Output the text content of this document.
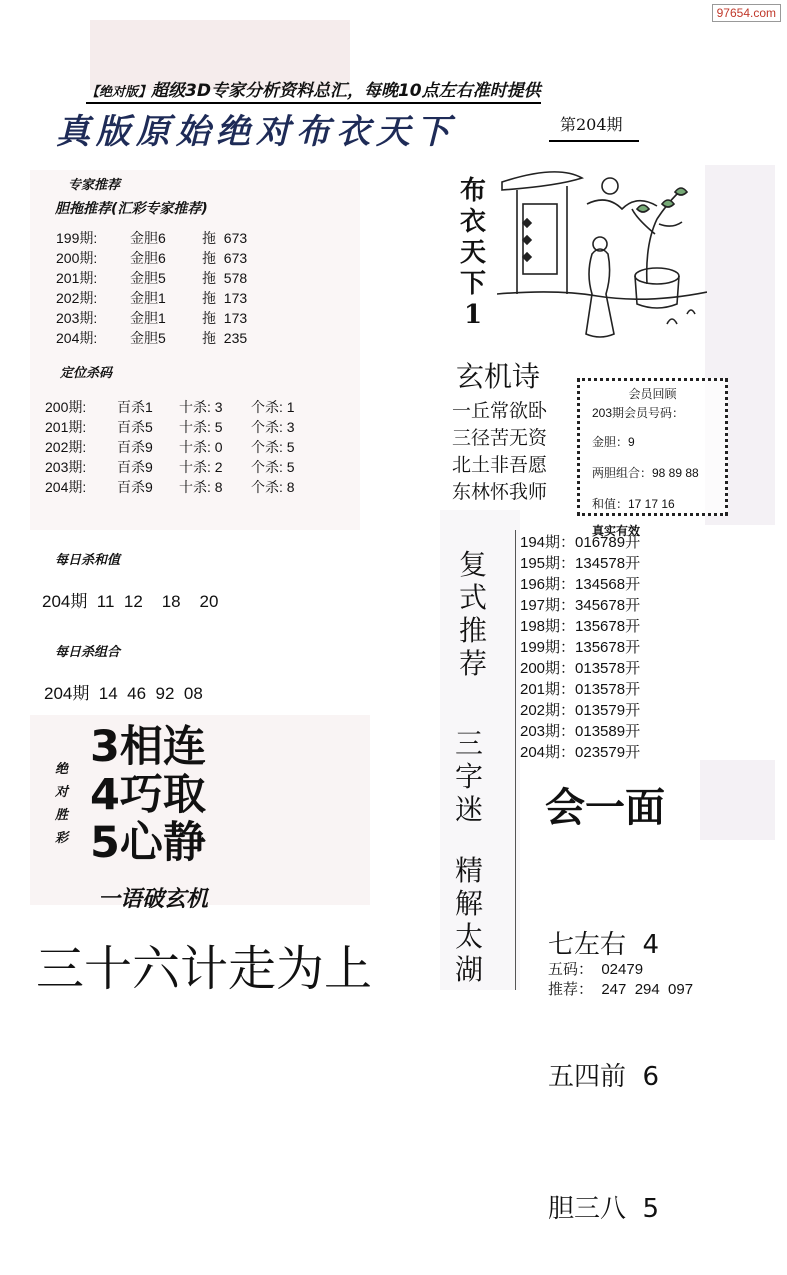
97654.com
【绝对版】超级3D专家分析资料总汇，每晚10点左右准时提供
真版原始绝对布衣天下	第204期
专家推荐
胆拖推荐(汇彩专家推荐)
199期: 金胆6	拖  673
200期: 金胆6	拖  673
201期: 金胆5	拖  578
202期: 金胆1	拖  173
203期: 金胆1	拖  173
204期: 金胆5	拖  235
定位杀码
200期: 百杀1 十杀: 3 个杀: 1
201期: 百杀5 十杀: 5 个杀: 3
202期: 百杀9 十杀: 0 个杀: 5
203期: 百杀9 十杀: 2 个杀: 5
204期: 百杀9 十杀: 8 个杀: 8
每日杀和值
204期  11  12    18    20
每日杀组合
204期  14  46  92  08
绝
对
胜
彩
3相连
4巧取
5心静
一语破玄机
三十六计走为上
布
衣
天
下
1
玄机诗
一丘常欲卧
三径苦无资
北土非吾愿
东林怀我师
会员回顾
203期会员号码：
金胆：9
两胆组合：98 89 88
和值：17 17 16
真实有效
复
式
推
荐
194期：016789开
195期：134578开
196期：134568开
197期：345678开
198期：135678开
199期：135678开
200期：013578开
201期：013578开
202期：013579开
203期：013589开
204期：023579开
三
字
迷
精
解
太
湖
会一面

七左右  4

五四前  6

胆三八  5

五码：  02479
推荐：  247  294  097
